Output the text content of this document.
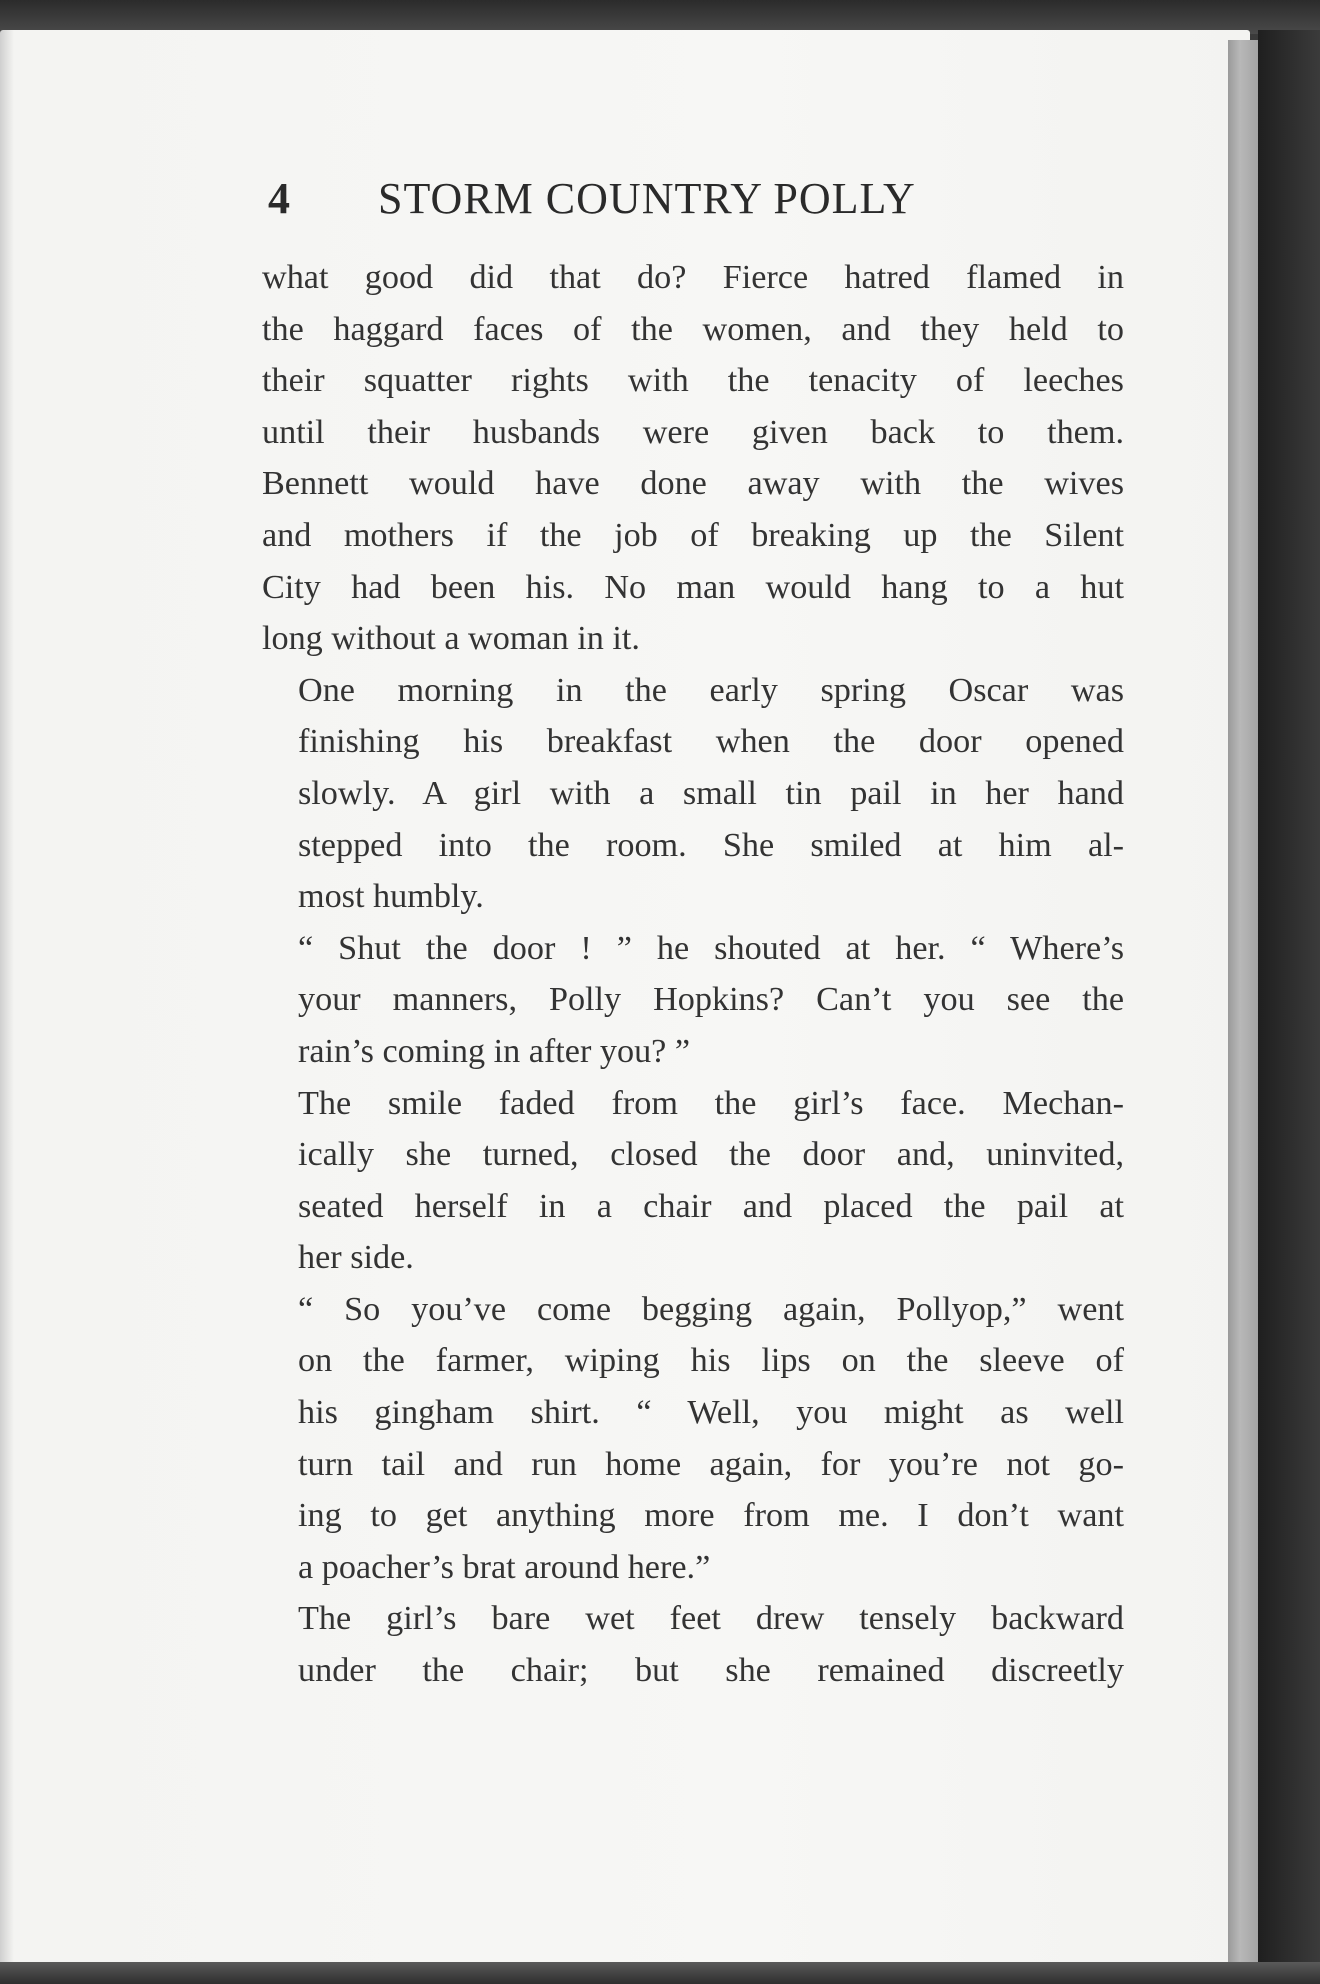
4	STORM COUNTRY POLLY

what good did that do? Fierce hatred flamed in
the haggard faces of the women, and they held to
their squatter rights with the tenacity of leeches
until their husbands were given back to them.
Bennett would have done away with the wives
and mothers if the job of breaking up the Silent
City had been his. No man would hang to a hut
long without a woman in it.

One morning in the early spring Oscar was
finishing his breakfast when the door opened
slowly. A girl with a small tin pail in her hand
stepped into the room. She smiled at him al-
most humbly.

“ Shut the door ! ” he shouted at her. “ Where’s
your manners, Polly Hopkins? Can’t you see the
rain’s coming in after you? ”

The smile faded from the girl’s face. Mechan-
ically she turned, closed the door and, uninvited,
seated herself in a chair and placed the pail at
her side.

“ So you’ve come begging again, Pollyop,” went
on the farmer, wiping his lips on the sleeve of
his gingham shirt. “ Well, you might as well
turn tail and run home again, for you’re not go-
ing to get anything more from me. I don’t want
a poacher’s brat around here.”

The girl’s bare wet feet drew tensely backward
under the chair; but she remained discreetly
